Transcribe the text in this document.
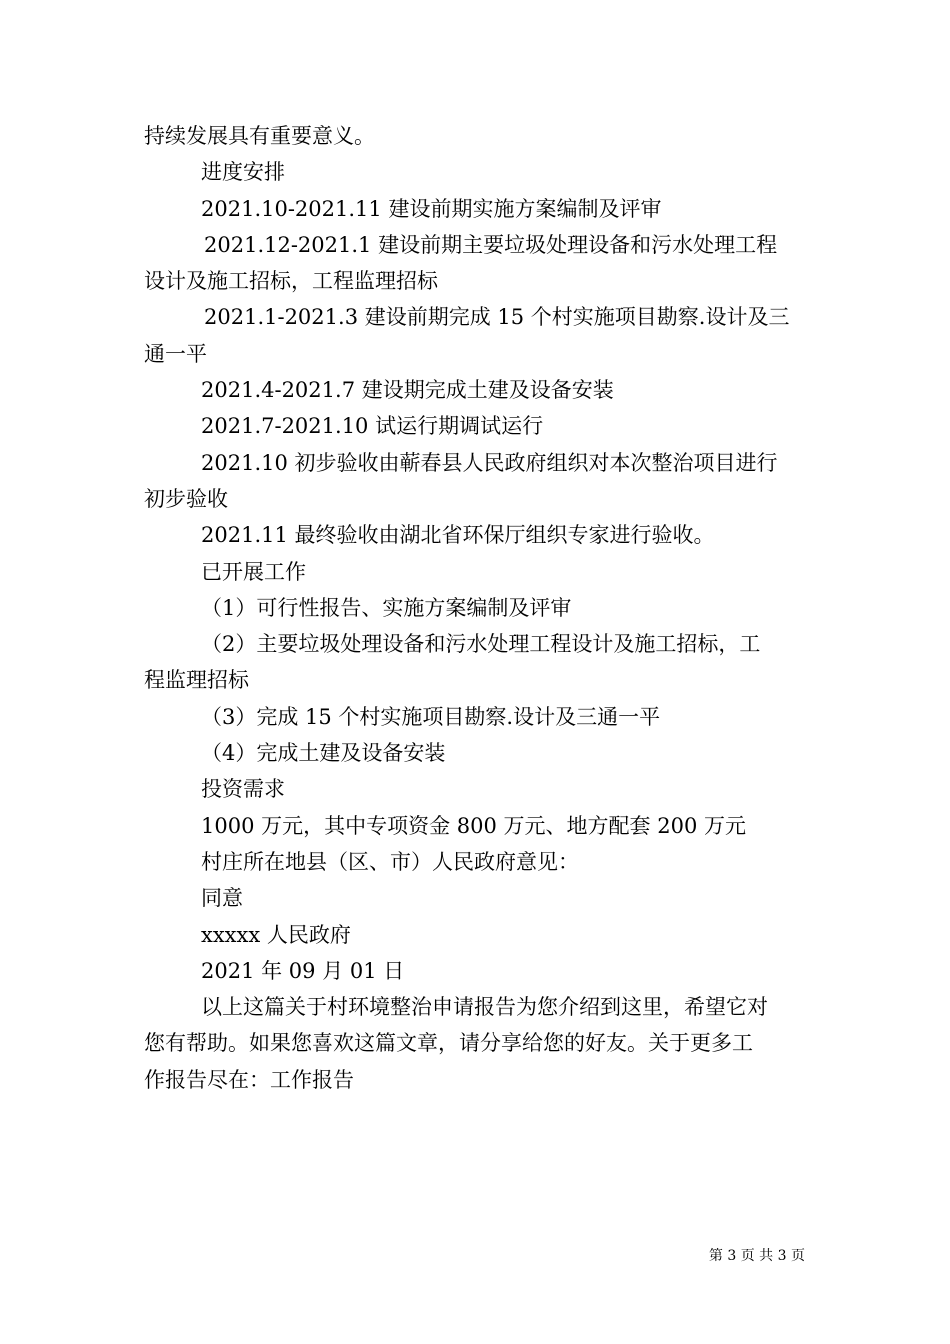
持续发展具有重要意义。

进度安排

2021.10-2021.11 建设前期实施方案编制及评审

2021.12-2021.1 建设前期主要垃圾处理设备和污水处理工程

设计及施工招标，工程监理招标

2021.1-2021.3 建设前期完成 15 个村实施项目勘察.设计及三

通一平

2021.4-2021.7 建设期完成土建及设备安装

2021.7-2021.10 试运行期调试运行

2021.10 初步验收由蕲春县人民政府组织对本次整治项目进行

初步验收

2021.11 最终验收由湖北省环保厅组织专家进行验收。

已开展工作

（1）可行性报告、实施方案编制及评审

（2）主要垃圾处理设备和污水处理工程设计及施工招标，工

程监理招标

（3）完成 15 个村实施项目勘察.设计及三通一平

（4）完成土建及设备安装

投资需求

1000 万元，其中专项资金 800 万元、地方配套 200 万元

村庄所在地县（区、市）人民政府意见：

同意

xxxxx 人民政府

2021 年 09 月 01 日

以上这篇关于村环境整治申请报告为您介绍到这里，希望它对

您有帮助。如果您喜欢这篇文章，请分享给您的好友。关于更多工

作报告尽在：工作报告

第 3 页 共 3 页
